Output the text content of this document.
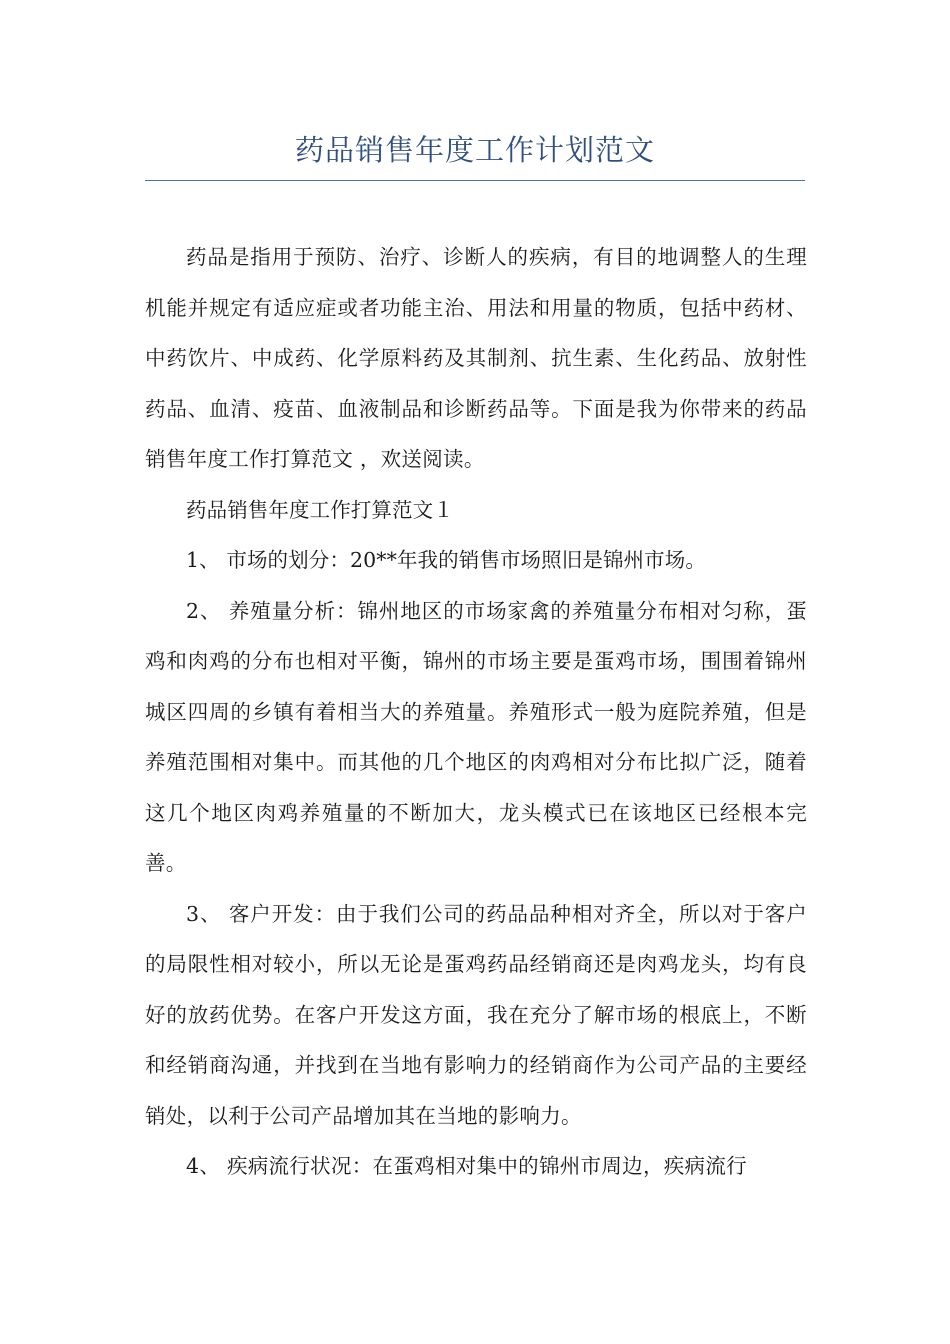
药品销售年度工作计划范文

药品是指用于预防、治疗、诊断人的疾病，有目的地调整人的生理机能并规定有适应症或者功能主治、用法和用量的物质，包括中药材、中药饮片、中成药、化学原料药及其制剂、抗生素、生化药品、放射性药品、血清、疫苗、血液制品和诊断药品等。下面是我为你带来的药品销售年度工作打算范文 ，欢送阅读。

药品销售年度工作打算范文１

1、 市场的划分：20**年我的销售市场照旧是锦州市场。

2、 养殖量分析：锦州地区的市场家禽的养殖量分布相对匀称，蛋鸡和肉鸡的分布也相对平衡，锦州的市场主要是蛋鸡市场，围围着锦州城区四周的乡镇有着相当大的养殖量。养殖形式一般为庭院养殖，但是养殖范围相对集中。而其他的几个地区的肉鸡相对分布比拟广泛，随着这几个地区肉鸡养殖量的不断加大，龙头模式已在该地区已经根本完善。

3、 客户开发：由于我们公司的药品品种相对齐全，所以对于客户的局限性相对较小，所以无论是蛋鸡药品经销商还是肉鸡龙头，均有良好的放药优势。在客户开发这方面，我在充分了解市场的根底上，不断和经销商沟通，并找到在当地有影响力的经销商作为公司产品的主要经销处，以利于公司产品增加其在当地的影响力。

4、 疾病流行状况：在蛋鸡相对集中的锦州市周边，疾病流行
